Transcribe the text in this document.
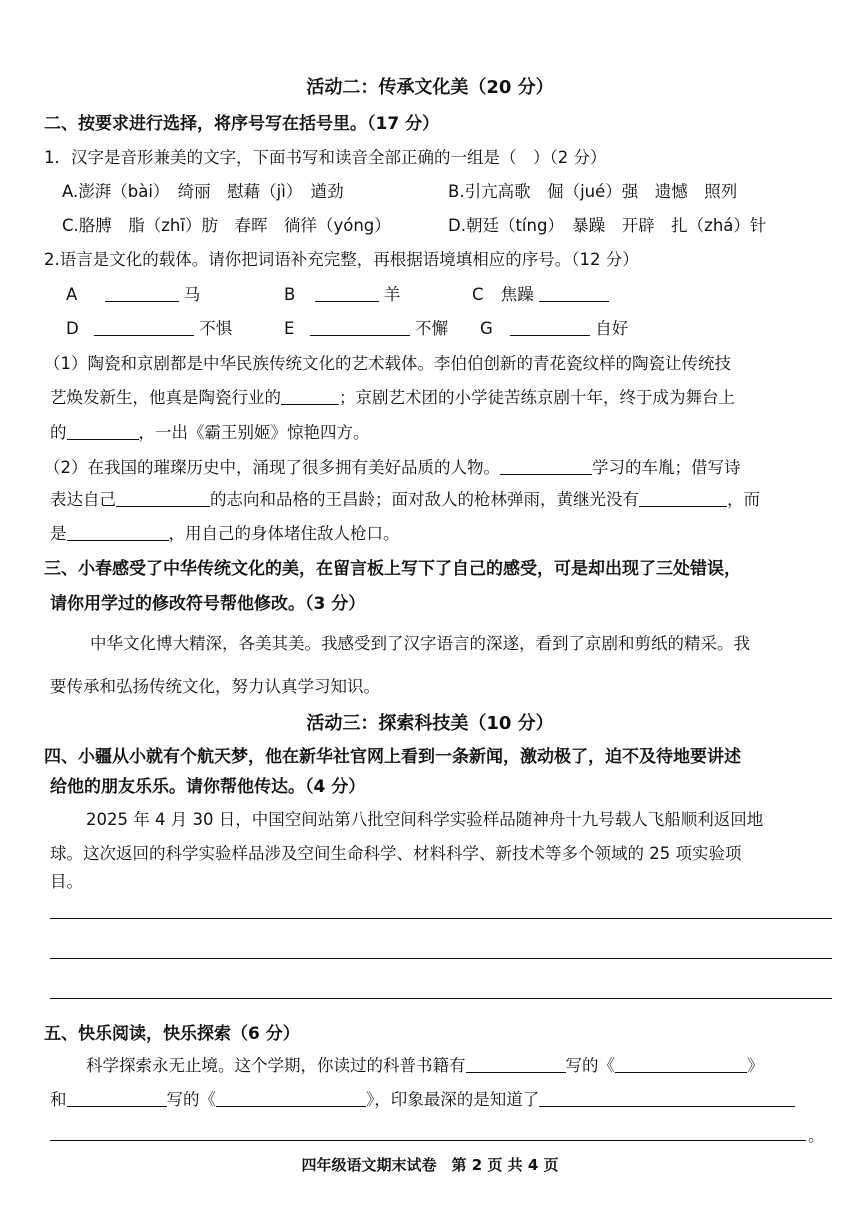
活动二：传承文化美（20 分）
二、按要求进行选择，将序号写在括号里。（17 分）
1．汉字是音形兼美的文字，下面书写和读音全部正确的一组是（　）（2 分）
A.澎湃（bài）　绮丽　慰藉（jì）　遒劲	B.引亢高歌　倔（jué）强　遗憾　照列
C.胳膊　脂（zhī）肪　春晖　徜徉（yóng）	D.朝廷（tíng）　暴躁　开辟　扎（zhá）针
2.语言是文化的载体。请你把词语补充完整，再根据语境填相应的序号。（12 分）
A	马	B	羊	C 焦躁
D	不惧	E	不懈 G	自好
（1）陶瓷和京剧都是中华民族传统文化的艺术载体。李伯伯创新的青花瓷纹样的陶瓷让传统技
艺焕发新生，他真是陶瓷行业的	；京剧艺术团的小学徒苦练京剧十年，终于成为舞台上
的	，一出《霸王别姬》惊艳四方。
（2）在我国的璀璨历史中，涌现了很多拥有美好品质的人物。	学习的车胤；借写诗
表达自己	的志向和品格的王昌龄；面对敌人的枪林弹雨，黄继光没有	，而
是	，用自己的身体堵住敌人枪口。
三、小春感受了中华传统文化的美，在留言板上写下了自己的感受，可是却出现了三处错误，
请你用学过的修改符号帮他修改。（3 分）
中华文化博大精深，各美其美。我感受到了汉字语言的深遂，看到了京剧和剪纸的精采。我
要传承和弘扬传统文化，努力认真学习知识。
活动三：探索科技美（10 分）
四、小疆从小就有个航天梦，他在新华社官网上看到一条新闻，激动极了，迫不及待地要讲述
给他的朋友乐乐。请你帮他传达。（4 分）
2025 年 4 月 30 日，中国空间站第八批空间科学实验样品随神舟十九号载人飞船顺利返回地
球。这次返回的科学实验样品涉及空间生命科学、材料科学、新技术等多个领域的 25 项实验项
目。
五、快乐阅读，快乐探索（6 分）
科学探索永无止境。这个学期，你读过的科普书籍有	写的《	》
和	写的《	》，印象最深的是知道了
。
四年级语文期末试卷　第 2 页 共 4 页
